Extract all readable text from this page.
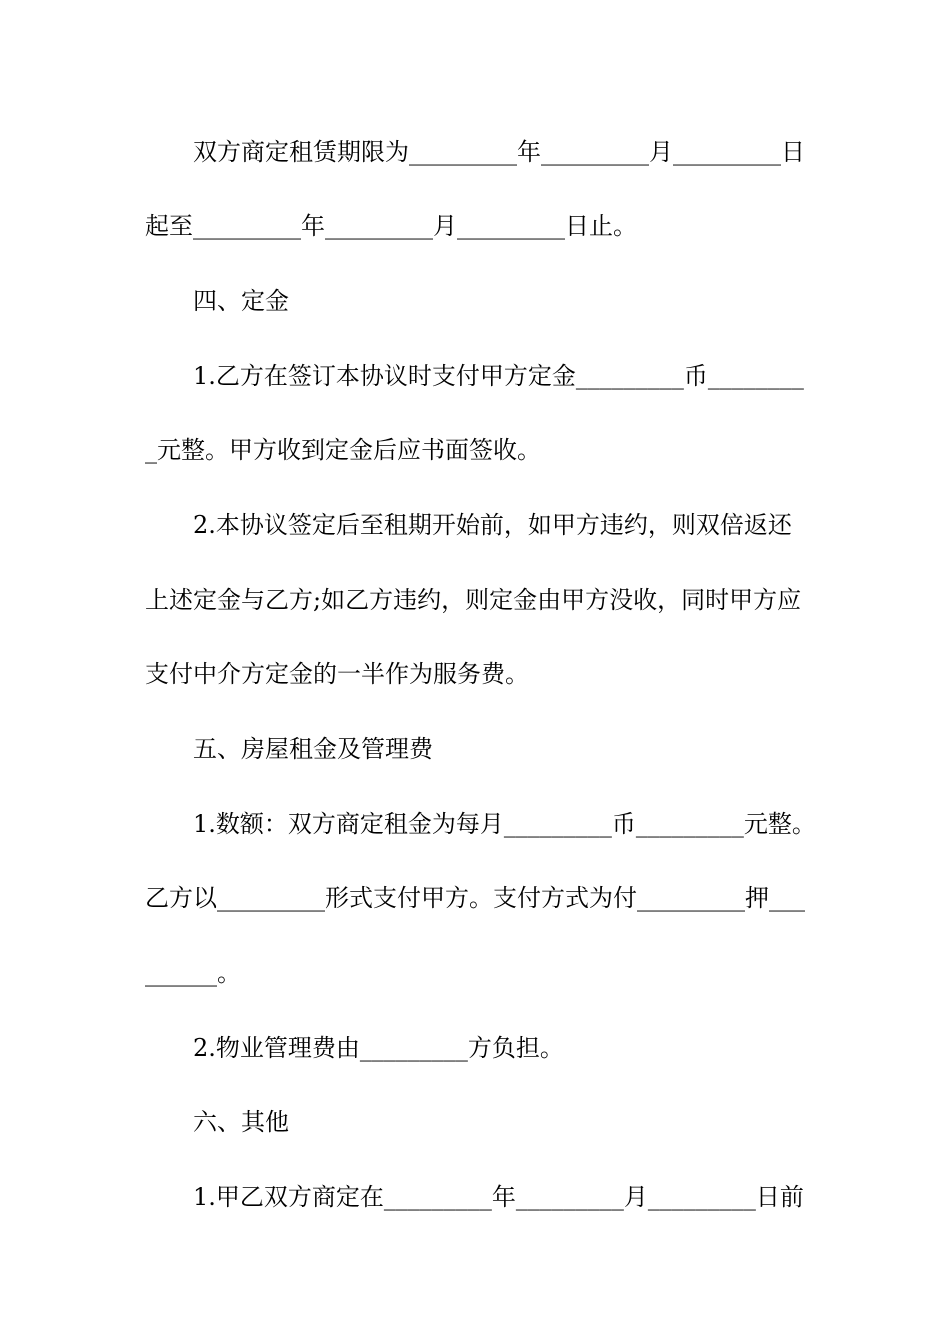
双方商定租赁期限为_________年_________月_________日
起至_________年_________月_________日止。
四、定金
1.乙方在签订本协议时支付甲方定金_________币________
_元整。甲方收到定金后应书面签收。
2.本协议签定后至租期开始前，如甲方违约，则双倍返还
上述定金与乙方;如乙方违约，则定金由甲方没收，同时甲方应
支付中介方定金的一半作为服务费。
五、房屋租金及管理费
1.数额：双方商定租金为每月_________币_________元整。
乙方以_________形式支付甲方。支付方式为付_________押___
______。
2.物业管理费由_________方负担。
六、其他
1.甲乙双方商定在_________年_________月_________日前
